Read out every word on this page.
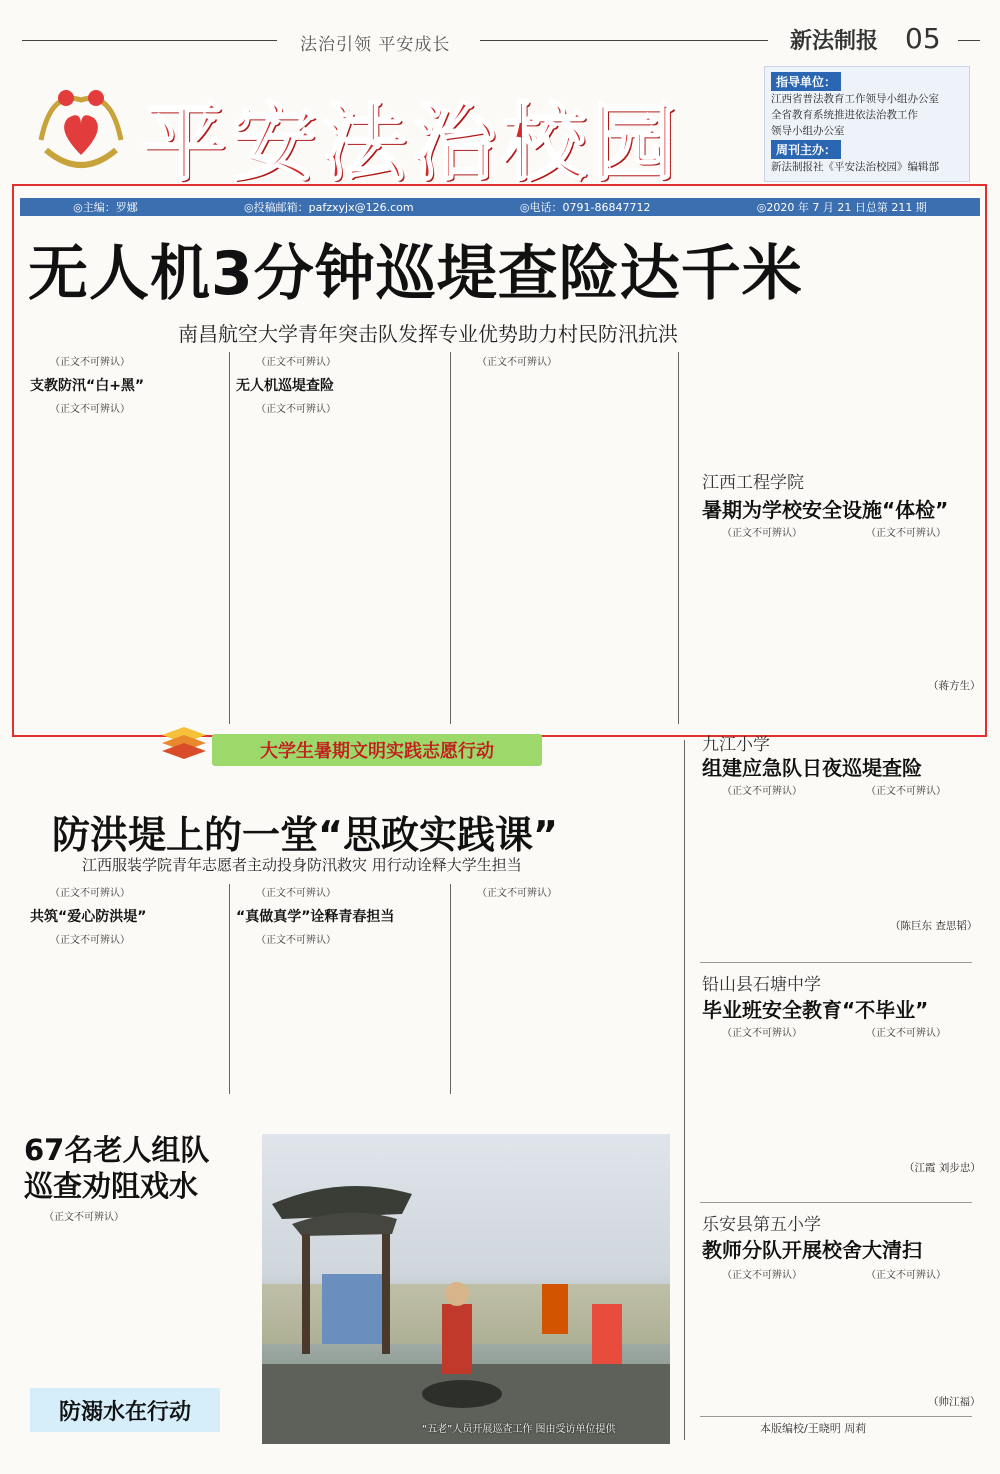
法治引领 平安成长	新法制报 05
平安法治校园
指导单位：
江西省普法教育工作领导小组办公室
全省教育系统推进依法治教工作
领导小组办公室
周刊主办：
新法制报社《平安法治校园》编辑部
◎主编：罗娜	◎投稿邮箱：pafzxyjx@126.com	◎电话：0791-86847712	◎2020 年 7 月 21 日总第 211 期
无人机3分钟巡堤查险达千米
南昌航空大学青年突击队发挥专业优势助力村民防汛抗洪

（正文不可辨认）

支教防汛“白+黑”

（正文不可辨认）

（正文不可辨认）

无人机巡堤查险

（正文不可辨认）

（正文不可辨认）

江西工程学院
暑期为学校安全设施“体检”

（正文不可辨认）	（正文不可辨认）

（蒋方生）
大学生暑期文明实践志愿行动
防洪堤上的一堂“思政实践课”
江西服装学院青年志愿者主动投身防汛救灾 用行动诠释大学生担当

（正文不可辨认）

共筑“爱心防洪堤”

（正文不可辨认）

（正文不可辨认）

“真做真学”诠释青春担当

（正文不可辨认）

（正文不可辨认）

67名老人组队
巡查劝阻戏水

（正文不可辨认）

防溺水在行动
“五老”人员开展巡查工作 图由受访单位提供
九江小学
组建应急队日夜巡堤查险

（正文不可辨认）	（正文不可辨认）

（陈巨东 查思韬）
铅山县石塘中学
毕业班安全教育“不毕业”

（正文不可辨认）	（正文不可辨认）

（江霞 刘步忠）
乐安县第五小学
教师分队开展校舍大清扫

（正文不可辨认）	（正文不可辨认）

（帅江福）
本版编校/王晓明 周莉
